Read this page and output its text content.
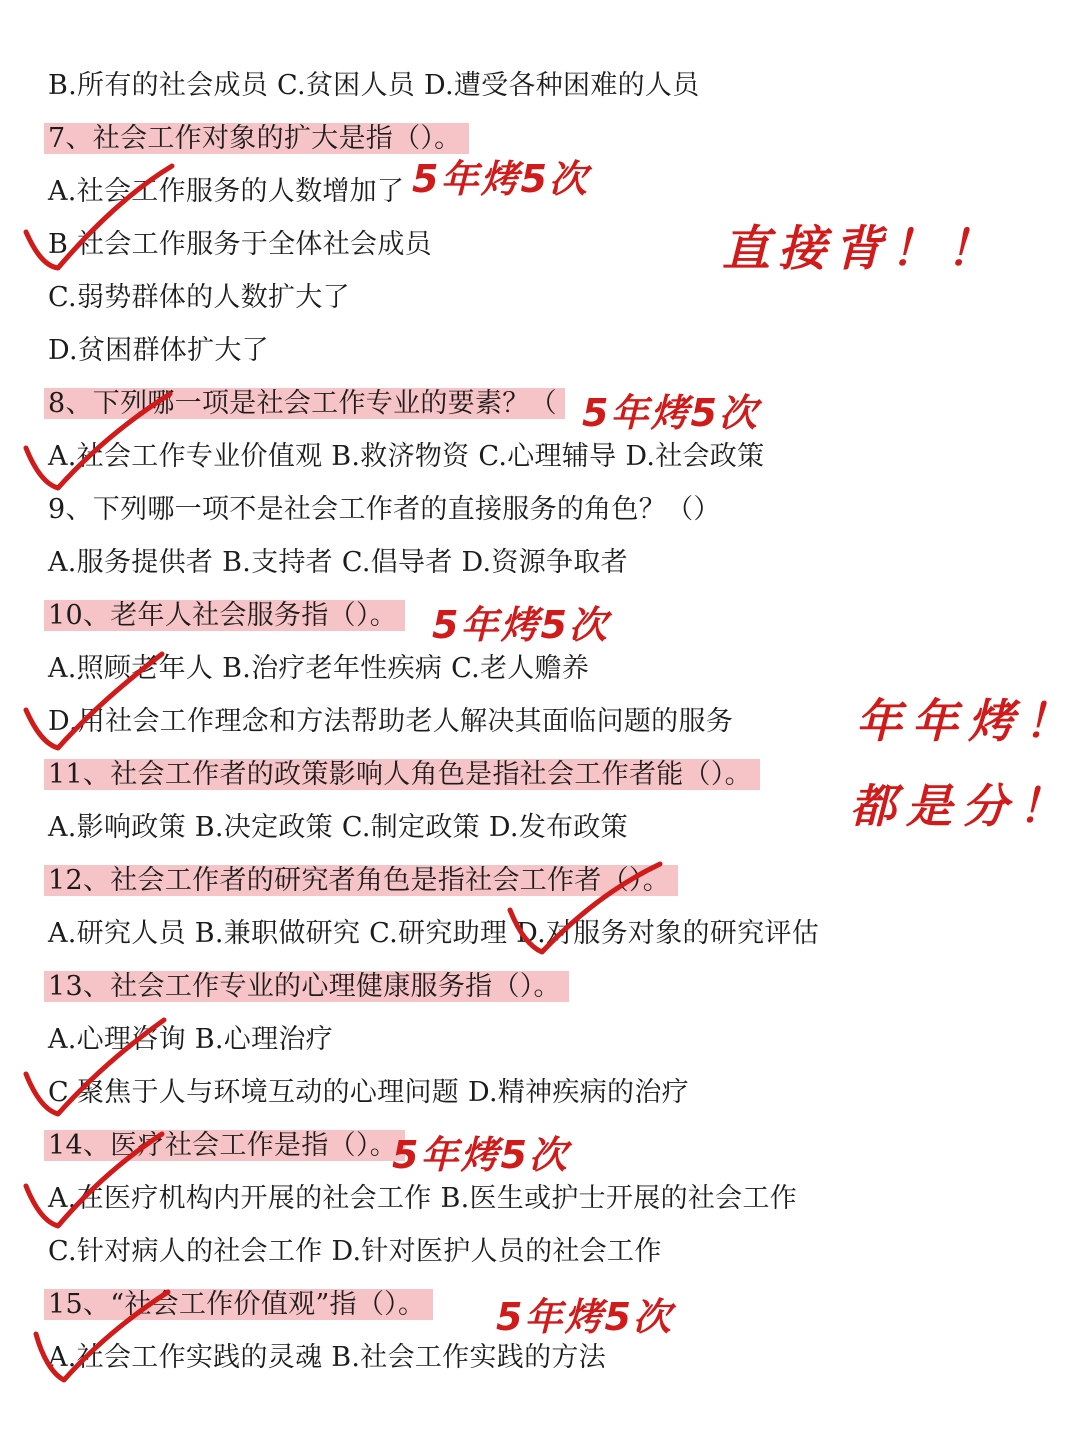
B.所有的社会成员 C.贫困人员 D.遭受各种困难的人员
7、社会工作对象的扩大是指（）。
A.社会工作服务的人数增加了
B.社会工作服务于全体社会成员
C.弱势群体的人数扩大了
D.贫困群体扩大了
8、下列哪一项是社会工作专业的要素？（
A.社会工作专业价值观 B.救济物资 C.心理辅导 D.社会政策
9、下列哪一项不是社会工作者的直接服务的角色？（）
A.服务提供者 B.支持者 C.倡导者 D.资源争取者
10、老年人社会服务指（）。
A.照顾老年人 B.治疗老年性疾病 C.老人赡养
D.用社会工作理念和方法帮助老人解决其面临问题的服务
11、社会工作者的政策影响人角色是指社会工作者能（）。
A.影响政策 B.决定政策 C.制定政策 D.发布政策
12、社会工作者的研究者角色是指社会工作者（）。
A.研究人员 B.兼职做研究 C.研究助理 D.对服务对象的研究评估
13、社会工作专业的心理健康服务指（）。
A.心理咨询 B.心理治疗
C.聚焦于人与环境互动的心理问题 D.精神疾病的治疗
14、医疗社会工作是指（）。
A.在医疗机构内开展的社会工作 B.医生或护士开展的社会工作
C.针对病人的社会工作 D.针对医护人员的社会工作
15、“社会工作价值观”指（）。
A.社会工作实践的灵魂 B.社会工作实践的方法
5年烤5次
直接背！！
5年烤5次
5年烤5次
年年烤！
都是分！
5年烤5次
5年烤5次
